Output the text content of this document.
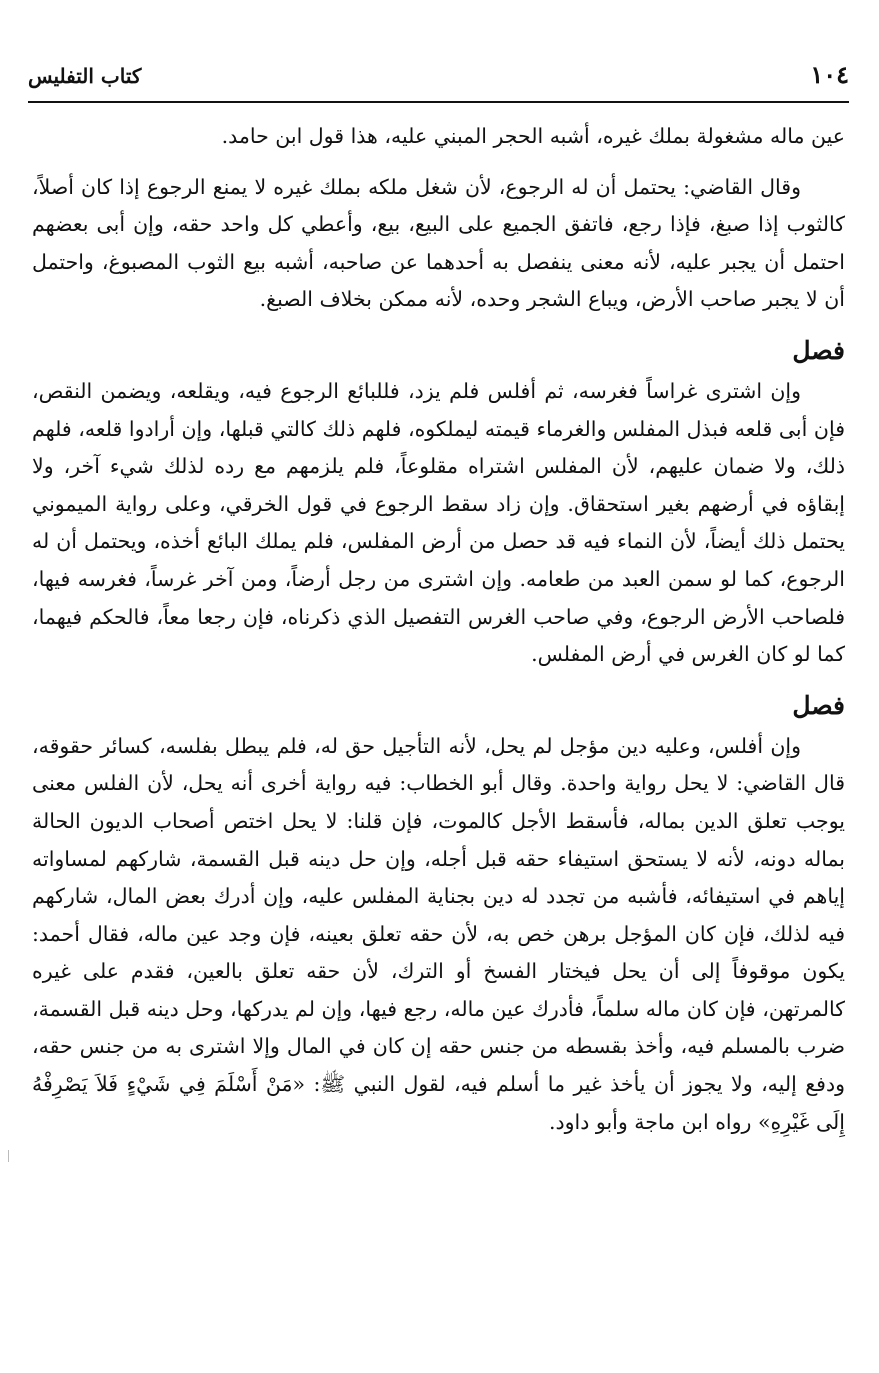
١٠٤
كتاب التفليس

عين ماله مشغولة بملك غيره، أشبه الحجر المبني عليه، هذا قول ابن حامد.

وقال القاضي: يحتمل أن له الرجوع، لأن شغل ملكه بملك غيره لا يمنع الرجوع إذا كان أصلاً، كالثوب إذا صبغ، فإذا رجع، فاتفق الجميع على البيع، بيع، وأعطي كل واحد حقه، وإن أبى بعضهم احتمل أن يجبر عليه، لأنه معنى ينفصل به أحدهما عن صاحبه، أشبه بيع الثوب المصبوغ، واحتمل أن لا يجبر صاحب الأرض، ويباع الشجر وحده، لأنه ممكن بخلاف الصبغ.

فصل

وإن اشترى غراساً فغرسه، ثم أفلس فلم يزد، فللبائع الرجوع فيه، ويقلعه، ويضمن النقص، فإن أبى قلعه فبذل المفلس والغرماء قيمته ليملكوه، فلهم ذلك كالتي قبلها، وإن أرادوا قلعه، فلهم ذلك، ولا ضمان عليهم، لأن المفلس اشتراه مقلوعاً، فلم يلزمهم مع رده لذلك شيء آخر، ولا إبقاؤه في أرضهم بغير استحقاق. وإن زاد سقط الرجوع في قول الخرقي، وعلى رواية الميموني يحتمل ذلك أيضاً، لأن النماء فيه قد حصل من أرض المفلس، فلم يملك البائع أخذه، ويحتمل أن له الرجوع، كما لو سمن العبد من طعامه. وإن اشترى من رجل أرضاً، ومن آخر غرساً، فغرسه فيها، فلصاحب الأرض الرجوع، وفي صاحب الغرس التفصيل الذي ذكرناه، فإن رجعا معاً، فالحكم فيهما، كما لو كان الغرس في أرض المفلس.

فصل

وإن أفلس، وعليه دين مؤجل لم يحل، لأنه التأجيل حق له، فلم يبطل بفلسه، كسائر حقوقه، قال القاضي: لا يحل رواية واحدة. وقال أبو الخطاب: فيه رواية أخرى أنه يحل، لأن الفلس معنى يوجب تعلق الدين بماله، فأسقط الأجل كالموت، فإن قلنا: لا يحل اختص أصحاب الديون الحالة بماله دونه، لأنه لا يستحق استيفاء حقه قبل أجله، وإن حل دينه قبل القسمة، شاركهم لمساواته إياهم في استيفائه، فأشبه من تجدد له دين بجناية المفلس عليه، وإن أدرك بعض المال، شاركهم فيه لذلك، فإن كان المؤجل برهن خص به، لأن حقه تعلق بعينه، فإن وجد عين ماله، فقال أحمد: يكون موقوفاً إلى أن يحل فيختار الفسخ أو الترك، لأن حقه تعلق بالعين، فقدم على غيره كالمرتهن، فإن كان ماله سلماً، فأدرك عين ماله، رجع فيها، وإن لم يدركها، وحل دينه قبل القسمة، ضرب بالمسلم فيه، وأخذ بقسطه من جنس حقه إن كان في المال وإلا اشترى به من جنس حقه، ودفع إليه، ولا يجوز أن يأخذ غير ما أسلم فيه، لقول النبي ﷺ: «مَنْ أَسْلَمَ فِي شَيْءٍ فَلاَ يَصْرِفْهُ إِلَى غَيْرِهِ» رواه ابن ماجة وأبو داود.
